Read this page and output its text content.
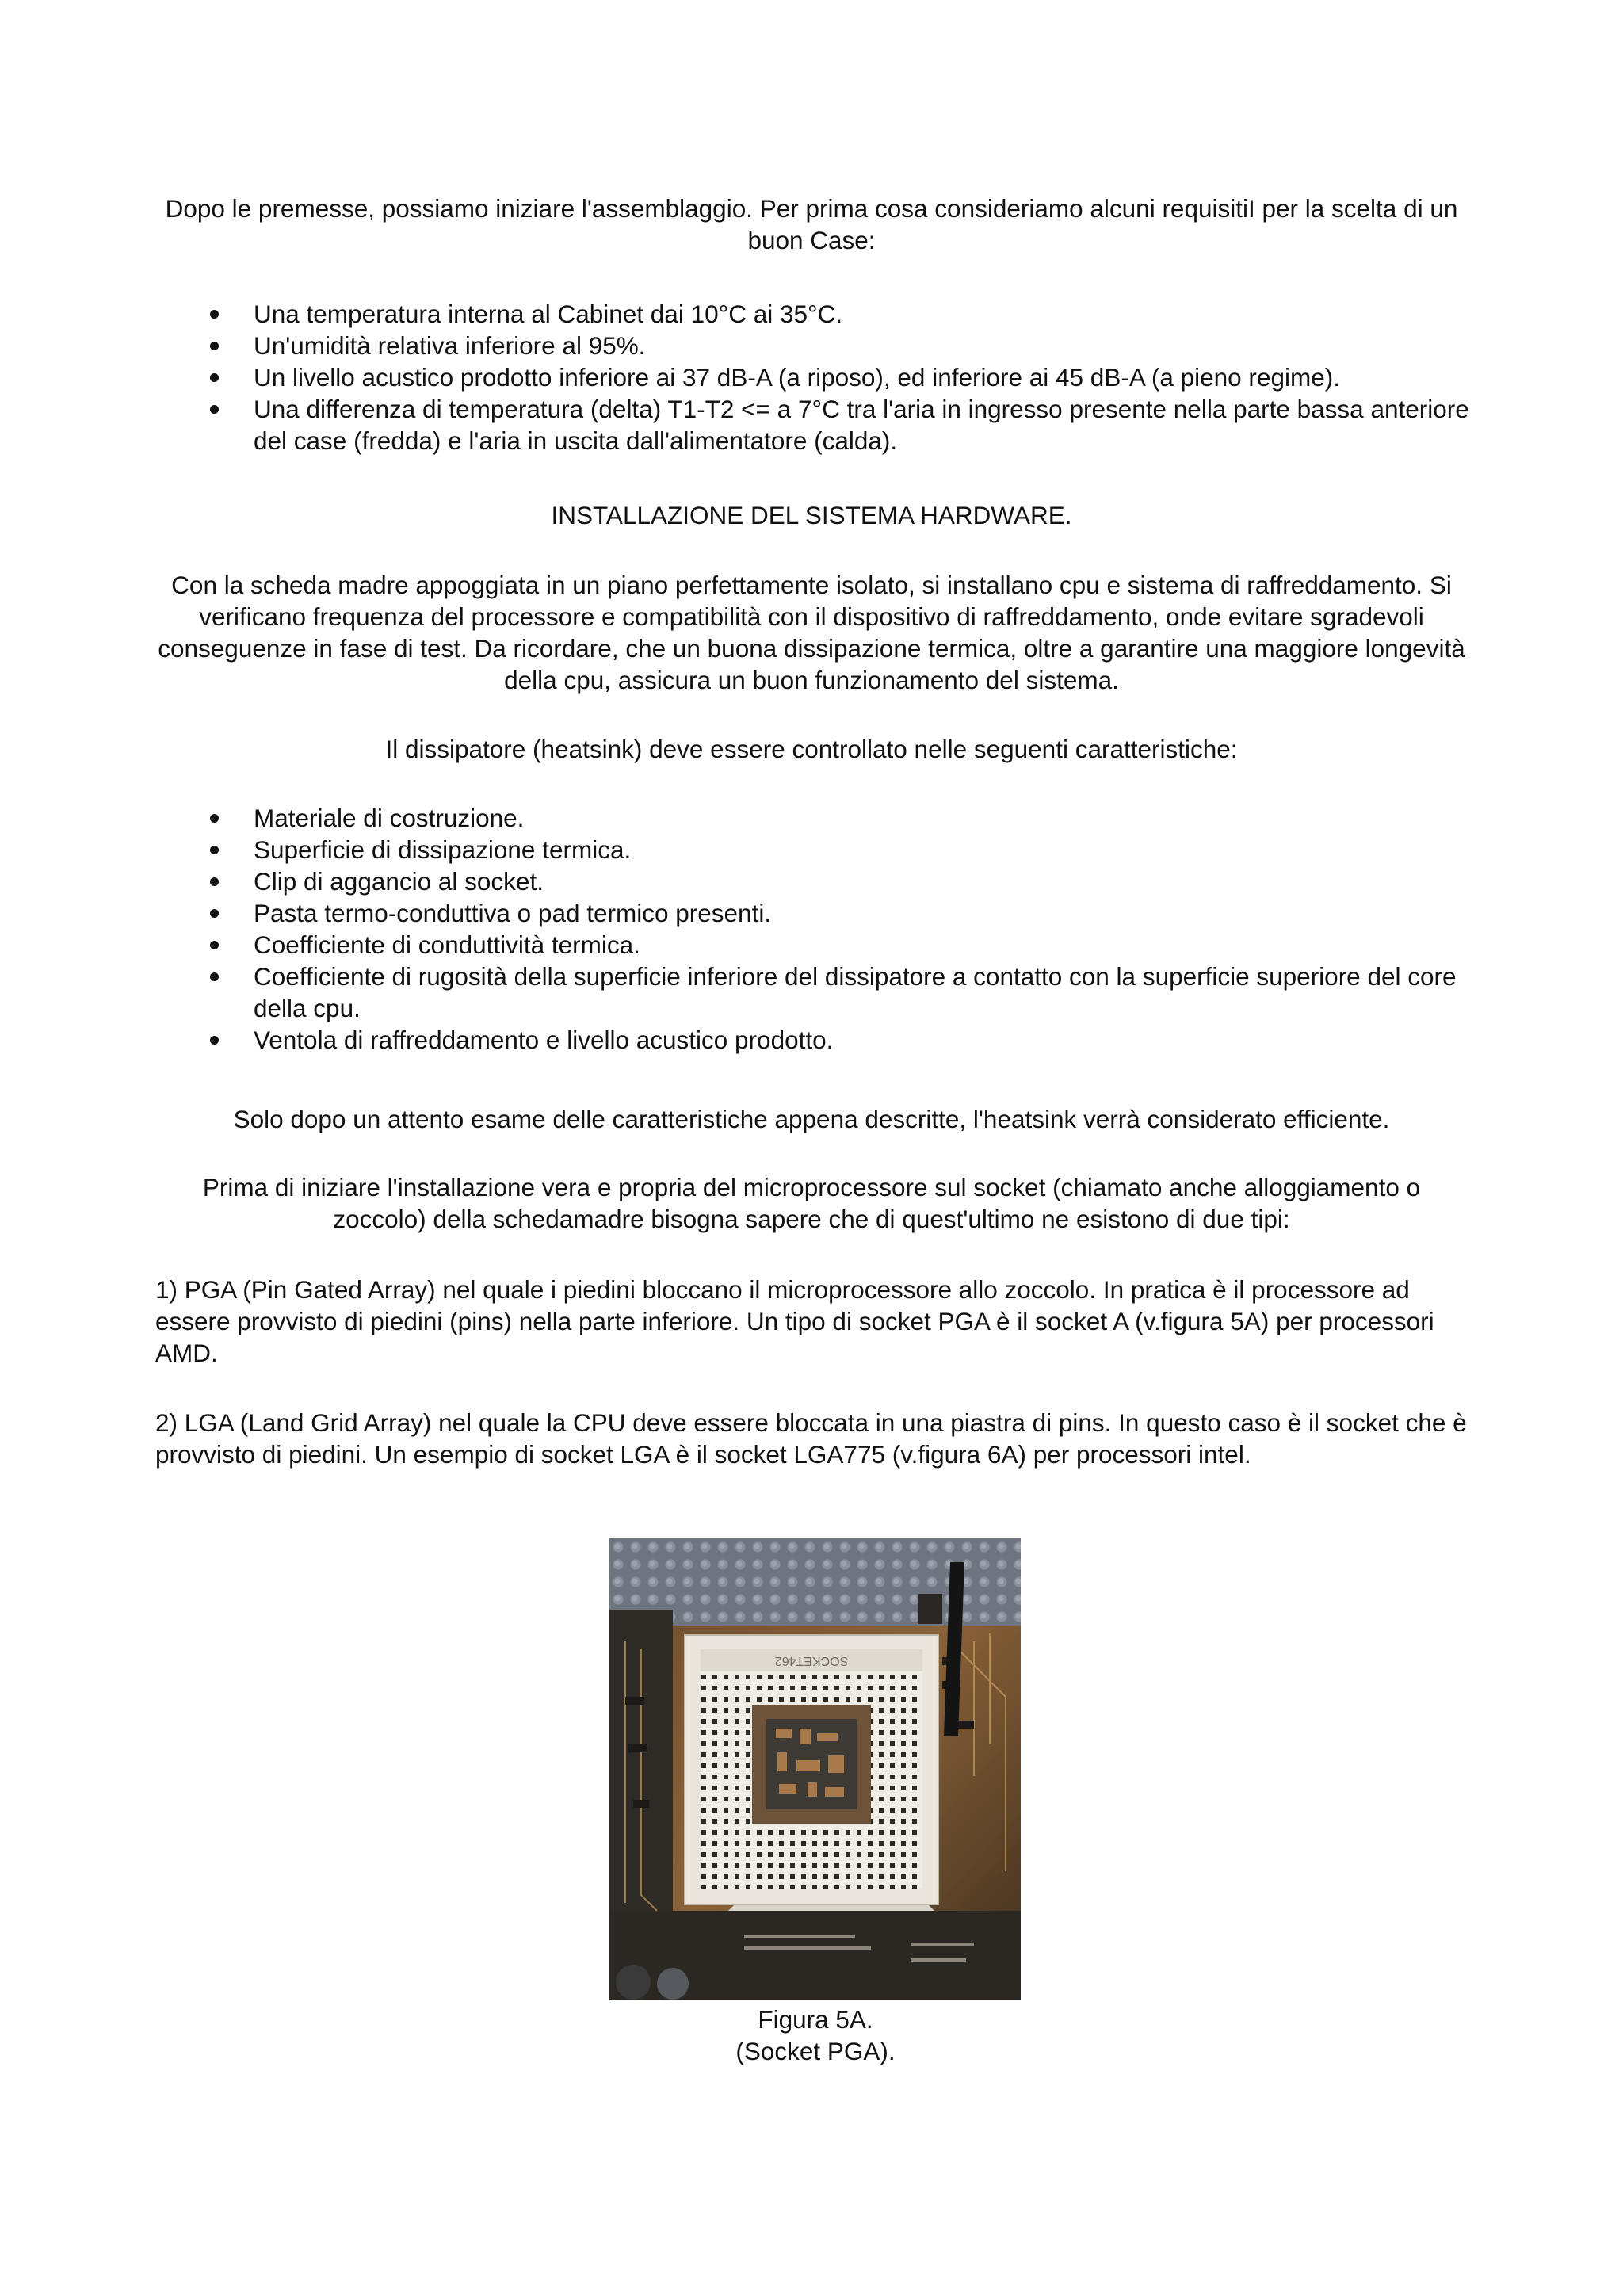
Dopo le premesse, possiamo iniziare l'assemblaggio. Per prima cosa consideriamo alcuni requisitiI per la scelta di un buon Case:

Una temperatura interna al Cabinet dai 10°C ai 35°C.
Un'umidità relativa inferiore al 95%.
Un livello acustico prodotto inferiore ai 37 dB-A (a riposo), ed inferiore ai 45 dB-A (a pieno regime).
Una differenza di temperatura (delta) T1-T2 <= a 7°C tra l'aria in ingresso presente nella parte bassa anteriore del case (fredda) e l'aria in uscita dall'alimentatore (calda).

INSTALLAZIONE DEL SISTEMA HARDWARE.

Con la scheda madre appoggiata in un piano perfettamente isolato, si installano cpu e sistema di raffreddamento. Si verificano frequenza del processore e compatibilità con il dispositivo di raffreddamento, onde evitare sgradevoli conseguenze in fase di test. Da ricordare, che un buona dissipazione termica, oltre a garantire una maggiore longevità della cpu, assicura un buon funzionamento del sistema.

Il dissipatore (heatsink) deve essere controllato nelle seguenti caratteristiche:

Materiale di costruzione.
Superficie di dissipazione termica.
Clip di aggancio al socket.
Pasta termo-conduttiva o pad termico presenti.
Coefficiente di conduttività termica.
Coefficiente di rugosità della superficie inferiore del dissipatore a contatto con la superficie superiore del core della cpu.
Ventola di raffreddamento e livello acustico prodotto.

Solo dopo un attento esame delle caratteristiche appena descritte, l'heatsink verrà considerato efficiente.

Prima di iniziare l'installazione vera e propria del microprocessore sul socket (chiamato anche alloggiamento o zoccolo) della schedamadre bisogna sapere che di quest'ultimo ne esistono di due tipi:

1) PGA (Pin Gated Array) nel quale i piedini bloccano il microprocessore allo zoccolo. In pratica è il processore ad essere provvisto di piedini (pins) nella parte inferiore. Un tipo di socket PGA è il socket A (v.figura 5A) per processori AMD.

2) LGA (Land Grid Array) nel quale la CPU deve essere bloccata in una piastra di pins. In questo caso è il socket che è provvisto di piedini. Un esempio di socket LGA è il socket LGA775 (v.figura 6A) per processori intel.

SOCKET462
Figura 5A.
(Socket PGA).
